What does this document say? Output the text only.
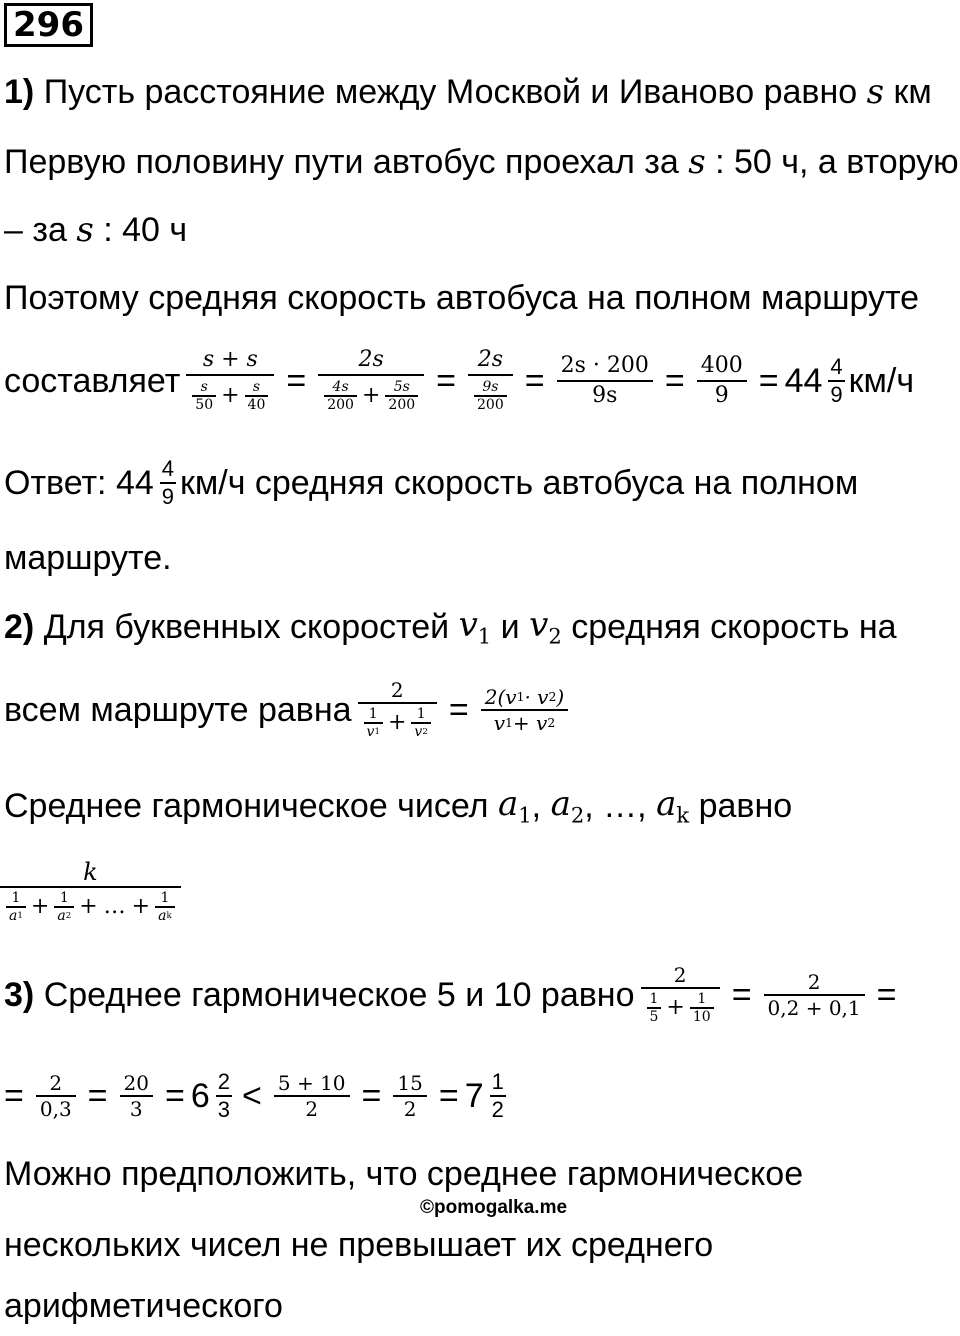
296
1)
Пусть расстояние между Москвой и Иваново равно
s
км
Первую половину пути автобус проехал за
s
: 50 ч, а вторую
– за
s
: 40 ч
Поэтому средняя скорость автобуса на полном маршруте
составляет $\frac{s + s}{\frac{s}{50} + \frac{s}{40}} = \frac{2s}{\frac{4s}{200} + \frac{5s}{200}} = \frac{2s}{\frac{9s}{200}} = \frac{2s \cdot 200}{9s} = \frac{400}{9} = 44 \frac{4}{9} км/ч$
Ответ:
$44 \frac{4}{9} км/ч$ средняя скорость автобуса на полном
маршруте.
2)
Для буквенных скоростей
$v_1$
и
$v_2$
средняя скорость на
всем маршруте равна $\frac{2}{\frac{1}{v 1} + \frac{1}{v 2}} = \frac{2(v 1 \cdot v 2 )}{v 1 + v 2}$
Среднее гармоническое чисел
$a_1$ ,
$a_2$ , …,
$a_k$
равно
$\frac{k}{\frac{1}{a 1} + \frac{1}{a 2} + \dots + \frac{1}{\text{a k}}}$
3)
Среднее гармоническое 5 и 10 равно $\frac{2}{\frac{1}{5} + \frac{1}{10}} = \frac{2}{0,2 + 0,1}$ =
= $\frac{2}{0,3} = \frac{20}{3} = 6 \frac{2}{3} < \frac{5 + 10}{2} = \frac{15}{2} = 7 \frac{1}{2}$
Можно предположить, что среднее гармоническое
©pomogalka.me
нескольких чисел не превышает их среднего
арифметического
